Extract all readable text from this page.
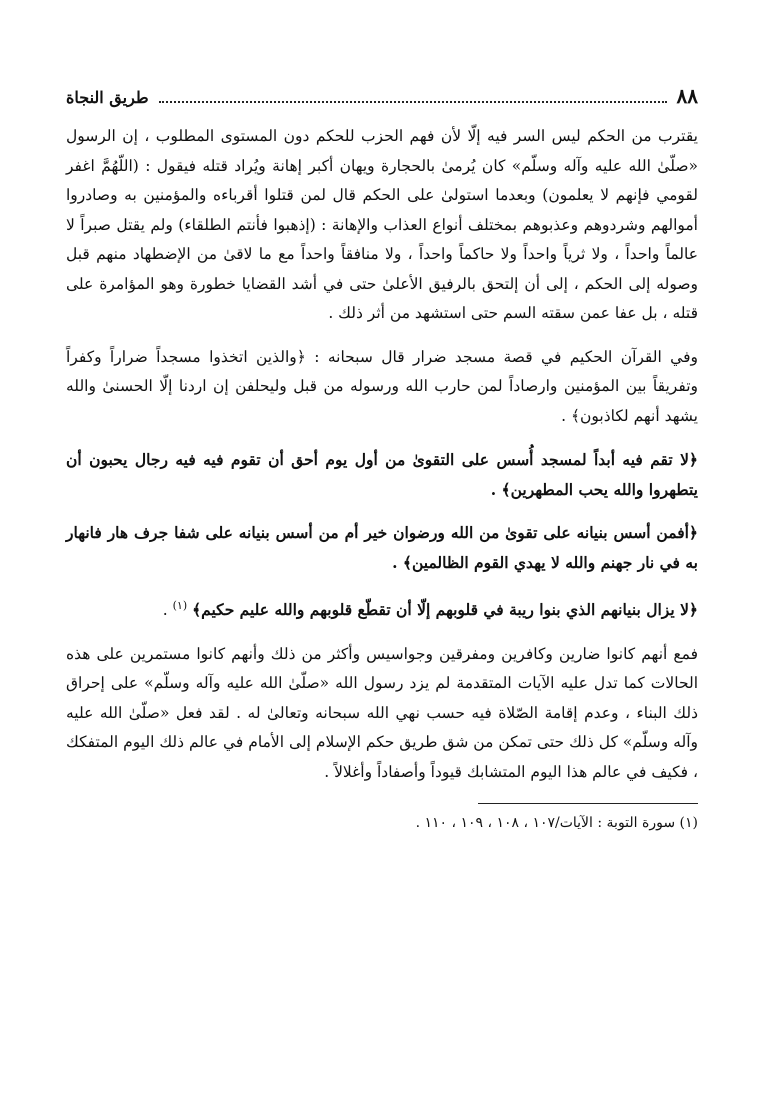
٨٨
طريق النجاة

يقترب من الحكم ليس السر فيه إلّا لأن فهم الحزب للحكم دون المستوى المطلوب ، إن الرسول «صلّىٰ الله عليه وآله وسلّم» كان يُرمىٰ بالحجارة ويهان أكبر إهانة ويُراد قتله فيقول : (اللّهُمَّ اغفر لقومي فإنهم لا يعلمون) وبعدما استولىٰ على الحكم قال لمن قتلوا أقرباءه والمؤمنين به وصادروا أموالهم وشردوهم وعذبوهم بمختلف أنواع العذاب والإهانة : (إذهبوا فأنتم الطلقاء) ولم يقتل صبراً لا عالماً واحداً ، ولا ثرياً واحداً ولا حاكماً واحداً ، ولا منافقاً واحداً مع ما لاقىٰ من الإضطهاد منهم قبل وصوله إلى الحكم ، إلى أن إلتحق بالرفيق الأعلىٰ حتى في أشد القضايا خطورة وهو المؤامرة على قتله ، بل عفا عمن سقته السم حتى استشهد من أثر ذلك .

وفي القرآن الحكيم في قصة مسجد ضرار قال سبحانه : ﴿والذين اتخذوا مسجداً ضراراً وكفراً وتفريقاً بين المؤمنين وارصاداً لمن حارب الله ورسوله من قبل وليحلفن إن اردنا إلّا الحسنىٰ والله يشهد أنهم لكاذبون﴾ .

﴿لا تقم فيه أبداً لمسجد أُسس على التقوىٰ من أول يوم أحق أن تقوم فيه فيه رجال يحبون أن يتطهروا والله يحب المطهرين﴾ .

﴿أفمن أسس بنيانه على تقوىٰ من الله ورضوان خير أم من أسس بنيانه على شفا جرف هار فانهار به في نار جهنم والله لا يهدي القوم الظالمين﴾ .

﴿لا يزال بنيانهم الذي بنوا ريبة في قلوبهم إلّا أن تقطّع قلوبهم والله عليم حكيم﴾ $^{(١)}$ .

فمع أنهم كانوا ضارين وكافرين ومفرقين وجواسيس وأكثر من ذلك وأنهم كانوا مستمرين على هذه الحالات كما تدل عليه الآيات المتقدمة لم يزد رسول الله «صلّىٰ الله عليه وآله وسلّم» على إحراق ذلك البناء ، وعدم إقامة الصّلاة فيه حسب نهي الله سبحانه وتعالىٰ له . لقد فعل «صلّىٰ الله عليه وآله وسلّم» كل ذلك حتى تمكن من شق طريق حكم الإسلام إلى الأمام في عالم ذلك اليوم المتفكك ، فكيف في عالم هذا اليوم المتشابك قيوداً وأصفاداً وأغلالاً .

(١) سورة التوبة : الآيات/١٠٧ ، ١٠٨ ، ١٠٩ ، ١١٠ .
